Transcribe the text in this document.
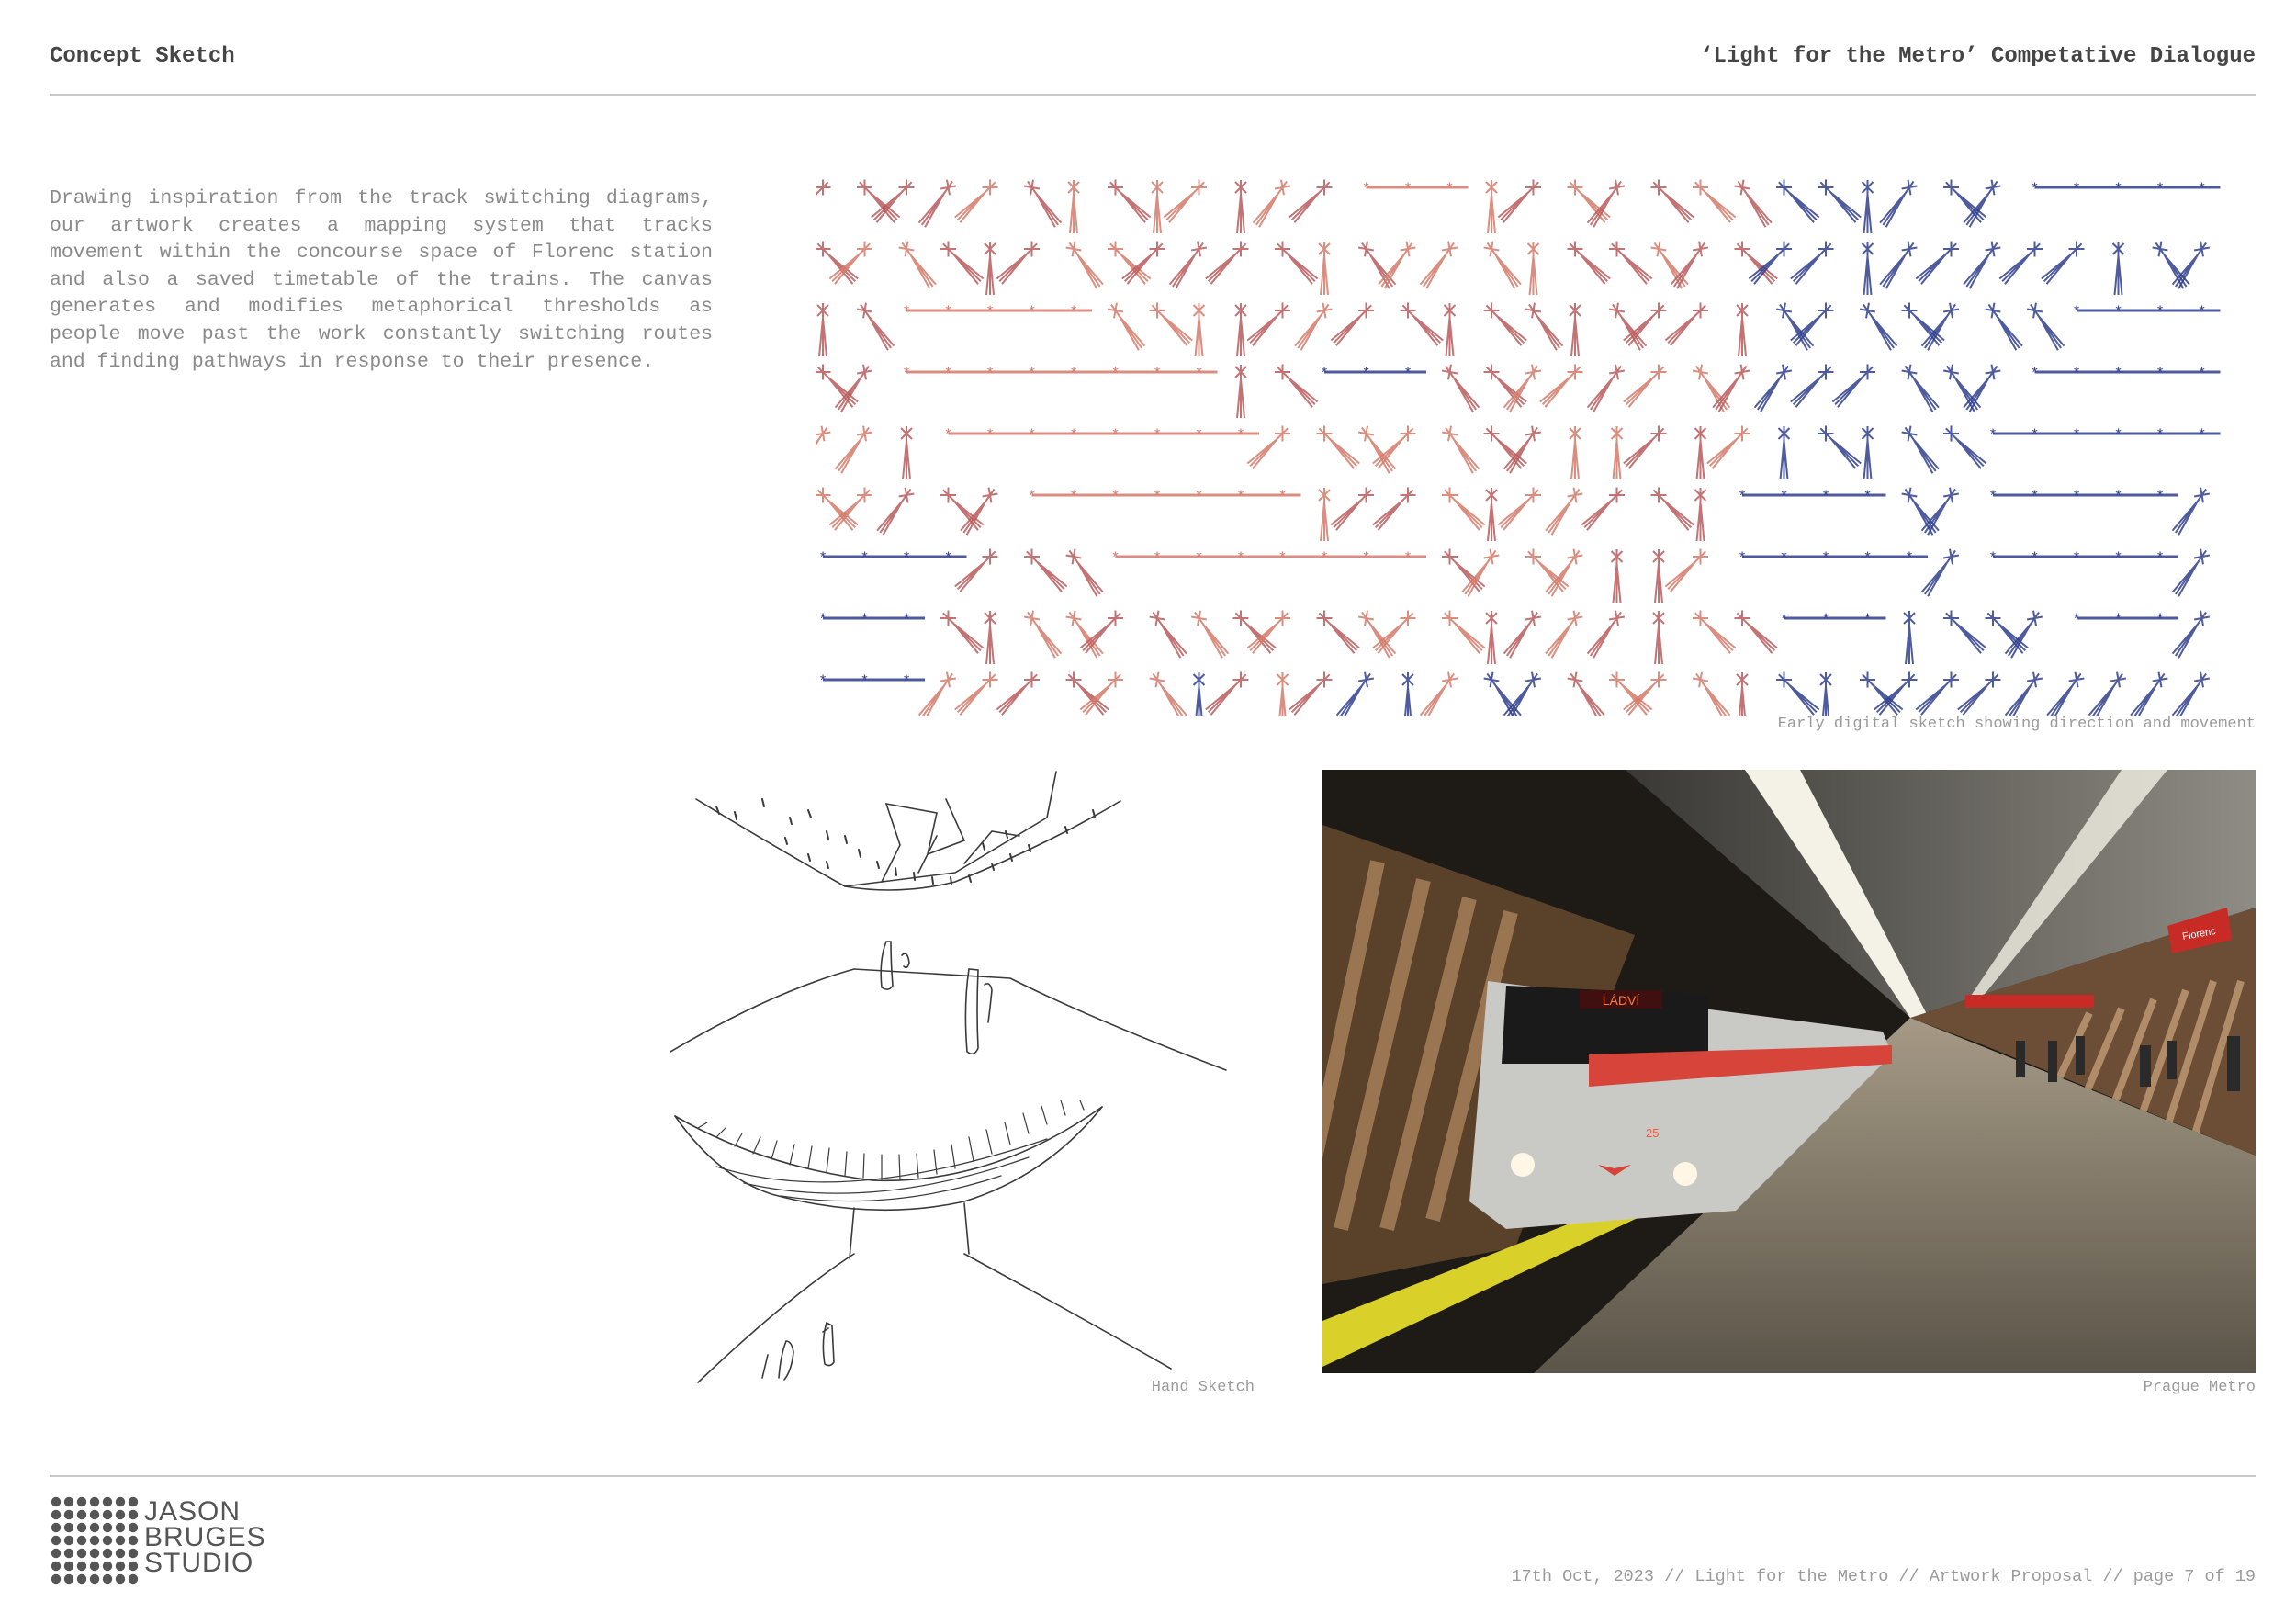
Concept Sketch	‘Light for the Metro’ Competative Dialogue
Drawing inspiration from the track switching diagrams, our artwork creates a mapping system that tracks movement within the concourse space of Florenc station and also a saved timetable of the trains. The canvas generates and modifies metaphorical thresholds as people move past the work constantly switching routes and finding pathways in response to their presence.
* * *	* * * * *
* * * * *	* * * *
* * * * * * * *	* * *	* * * * *
* * * * * * * *	* * * * * *
* * * * * * *	* * * *	* * * * *
* * * *	* * * * * * * *	* * * * *	* * * * *
* * *	* * *	* * *
* * *
Early digital sketch showing direction and movement
Hand Sketch
LÁDVÍ
25
Florenc
Prague Metro
JASON
BRUGES
STUDIO	17th Oct, 2023 // Light for the Metro // Artwork Proposal // page 7 of 19
